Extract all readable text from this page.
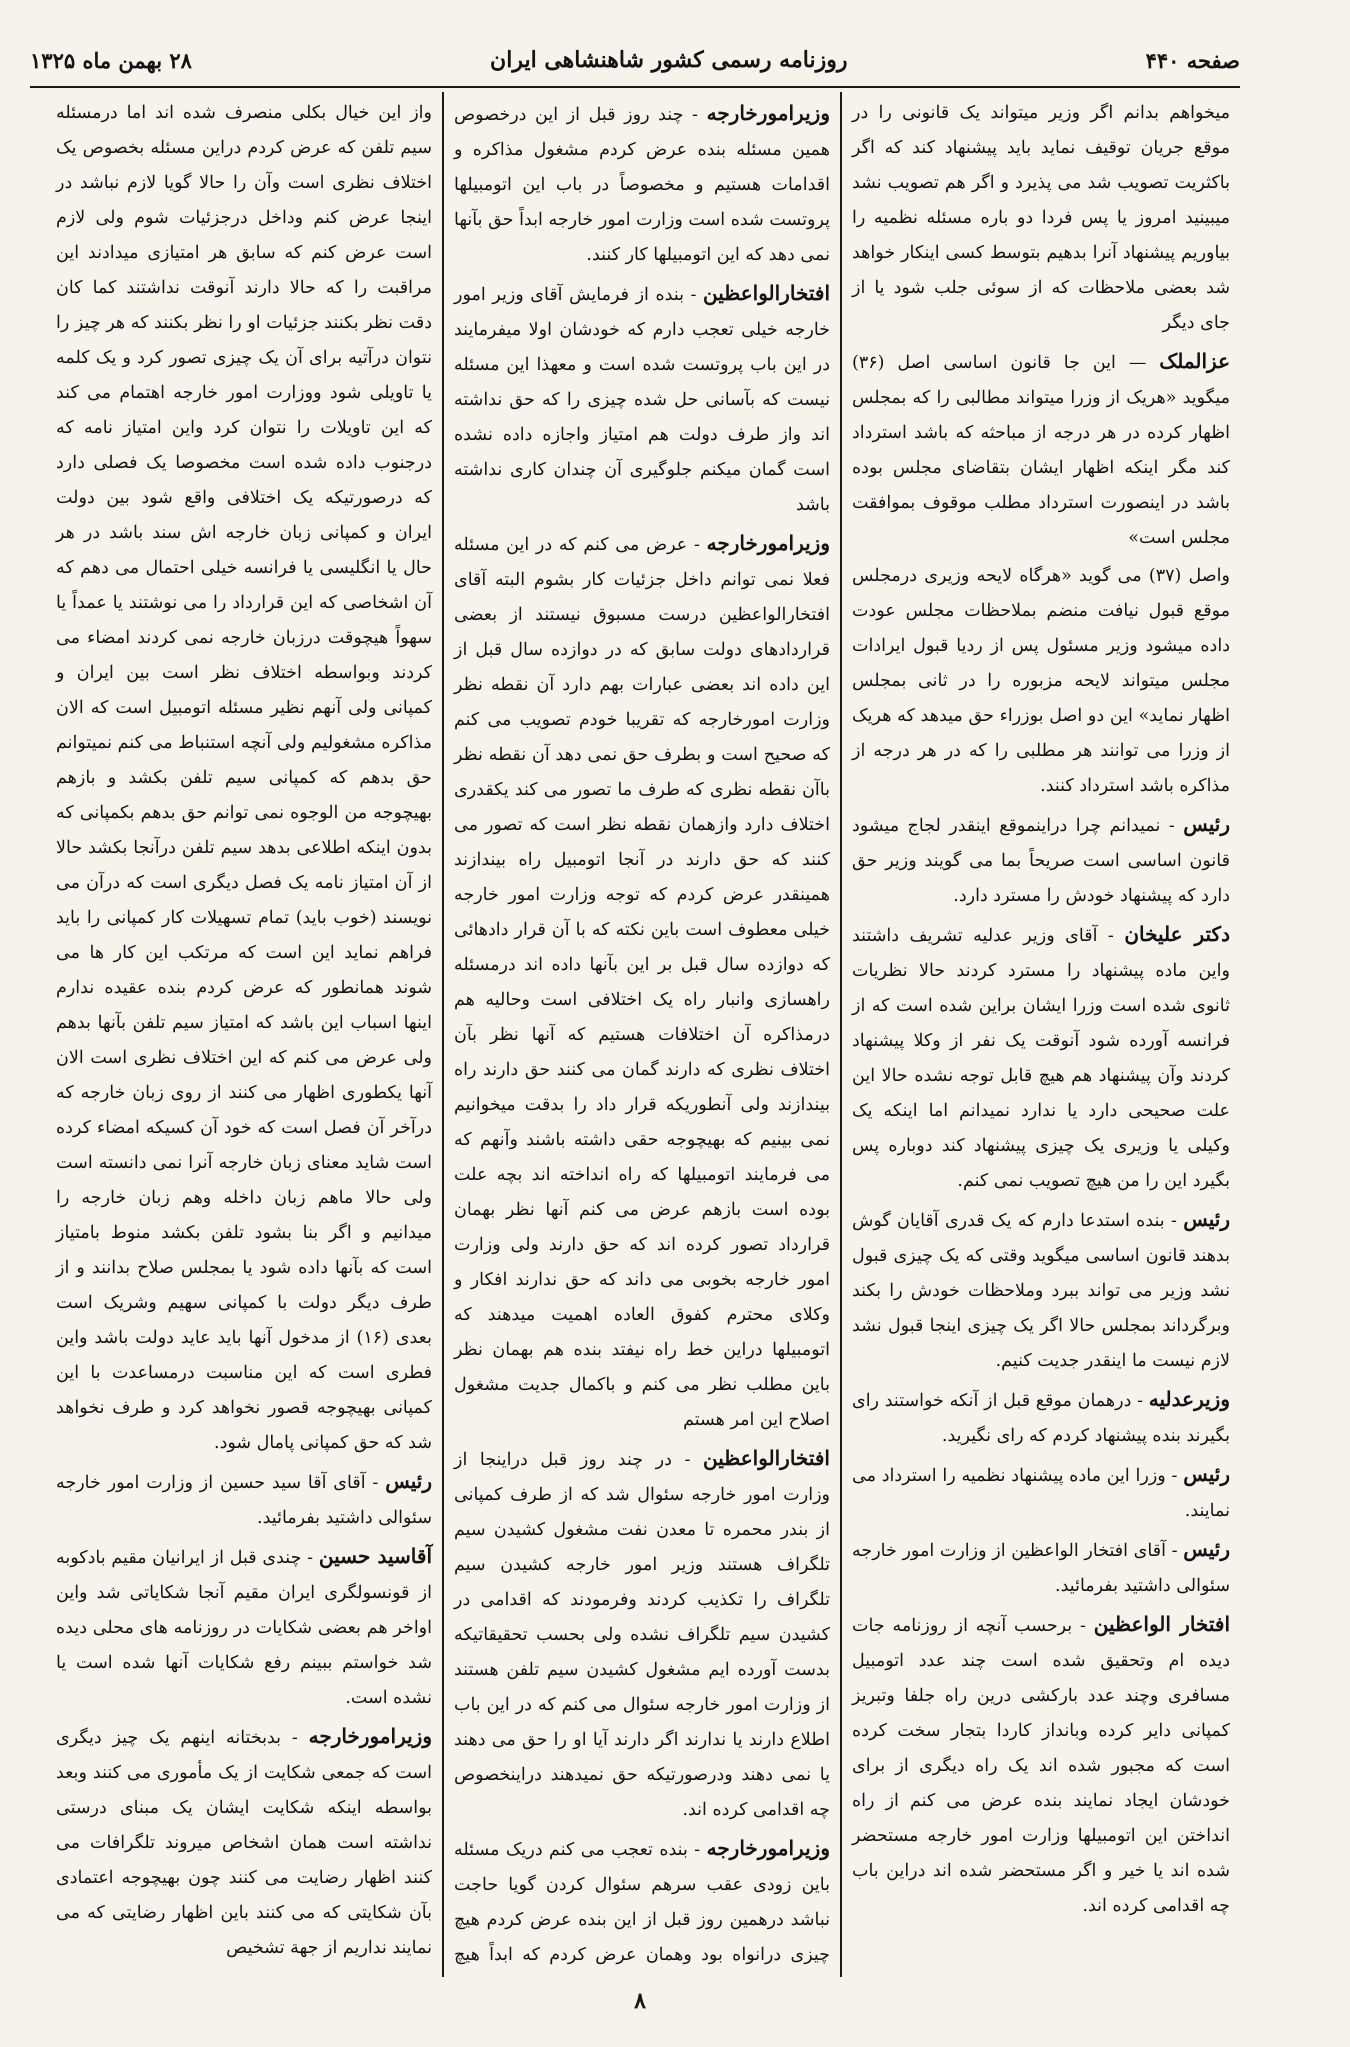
صفحه ۴۴۰
روزنامه رسمی کشور شاهنشاهی ایران
۲۸ بهمن ماه ۱۳۲۵

میخواهم بدانم اگر وزیر میتواند یک قانونی را در موقع جریان توقیف نماید باید پیشنهاد کند که اگر باکثریت تصویب شد می پذیرد و اگر هم تصویب نشد میبینید امروز یا پس فردا دو باره مسئله نظمیه را بیاوریم پیشنهاد آنرا بدهیم بتوسط کسی اینکار خواهد شد بعضی ملاحظات که از سوئی جلب شود یا از جای دیگر

عزالملک — این جا قانون اساسی اصل (۳۶) میگوید «هریک از وزرا میتواند مطالبی را که بمجلس اظهار کرده در هر درجه از مباحثه که باشد استرداد کند مگر اینکه اظهار ایشان بتقاضای مجلس بوده باشد در اینصورت استرداد مطلب موقوف بموافقت مجلس است»

واصل (۳۷) می گوید «هرگاه لایحه وزیری درمجلس موقع قبول نیافت منضم بملاحظات مجلس عودت داده میشود وزیر مسئول پس از ردیا قبول ایرادات مجلس میتواند لایحه مزبوره را در ثانی بمجلس اظهار نماید» این دو اصل بوزراء حق میدهد که هریک از وزرا می توانند هر مطلبی را که در هر درجه از مذاکره باشد استرداد کنند.

رئیس - نمیدانم چرا دراینموقع اینقدر لجاج میشود قانون اساسی است صریحاً بما می گویند وزیر حق دارد که پیشنهاد خودش را مسترد دارد.

دکتر علیخان - آقای وزیر عدلیه تشریف داشتند واین ماده پیشنهاد را مسترد کردند حالا نظریات ثانوی شده است وزرا ایشان براین شده است که از فرانسه آورده شود آنوقت یک نفر از وکلا پیشنهاد کردند وآن پیشنهاد هم هیچ قابل توجه نشده حالا این علت صحیحی دارد یا ندارد نمیدانم اما اینکه یک وکیلی یا وزیری یک چیزی پیشنهاد کند دوباره پس بگیرد این را من هیچ تصویب نمی کنم.

رئیس - بنده استدعا دارم که یک قدری آقایان گوش بدهند قانون اساسی میگوید وقتی که یک چیزی قبول نشد وزیر می تواند ببرد وملاحظات خودش را بکند وبرگرداند بمجلس حالا اگر یک چیزی اینجا قبول نشد لازم نیست ما اینقدر جدیت کنیم.

وزیرعدلیه - درهمان موقع قبل از آنکه خواستند رای بگیرند بنده پیشنهاد کردم که رای نگیرید.

رئیس - وزرا این ماده پیشنهاد نظمیه را استرداد می نمایند.

رئیس - آقای افتخار الواعظین از وزارت امور خارجه سئوالی داشتید بفرمائید.

افتخار الواعظین - برحسب آنچه از روزنامه جات دیده ام وتحقیق شده است چند عدد اتومبیل مسافری وچند عدد بارکشی درین راه جلفا وتبریز کمپانی دایر کرده وبانداز کاردا بتجار سخت کرده است که مجبور شده اند یک راه دیگری از برای خودشان ایجاد نمایند بنده عرض می کنم از راه انداختن این اتومبیلها وزارت امور خارجه مستحضر شده اند یا خیر و اگر مستحضر شده اند دراین باب چه اقدامی کرده اند.

وزیرامورخارجه - چند روز قبل از این درخصوص همین مسئله بنده عرض کردم مشغول مذاکره و اقدامات هستیم و مخصوصاً در باب این اتومبیلها پروتست شده است وزارت امور خارجه ابداً حق بآنها نمی دهد که این اتومبیلها کار کنند.

افتخارالواعظین - بنده از فرمایش آقای وزیر امور خارجه خیلی تعجب دارم که خودشان اولا میفرمایند در این باب پروتست شده است و معهذا این مسئله نیست که بآسانی حل شده چیزی را که حق نداشته اند واز طرف دولت هم امتیاز واجازه داده نشده است گمان میکنم جلوگیری آن چندان کاری نداشته باشد

وزیرامورخارجه - عرض می کنم که در این مسئله فعلا نمی توانم داخل جزئیات کار بشوم البته آقای افتخارالواعظین درست مسبوق نیستند از بعضی قراردادهای دولت سابق که در دوازده سال قبل از این داده اند بعضی عبارات بهم دارد آن نقطه نظر وزارت امورخارجه که تقریبا خودم تصویب می کنم که صحیح است و بطرف حق نمی دهد آن نقطه نظر باآن نقطه نظری که طرف ما تصور می کند یکقدری اختلاف دارد وازهمان نقطه نظر است که تصور می کنند که حق دارند در آنجا اتومبیل راه بیندازند همینقدر عرض کردم که توجه وزارت امور خارجه خیلی معطوف است باین نکته که با آن قرار دادهائی که دوازده سال قبل بر این بآنها داده اند درمسئله راهسازی وانبار راه یک اختلافی است وحالیه هم درمذاکره آن اختلافات هستیم که آنها نظر بآن اختلاف نظری که دارند گمان می کنند حق دارند راه بیندازند ولی آنطوریکه قرار داد را بدقت میخوانیم نمی بینیم که بهیچوجه حقی داشته باشند وآنهم که می فرمایند اتومبیلها که راه انداخته اند بچه علت بوده است بازهم عرض می کنم آنها نظر بهمان قرارداد تصور کرده اند که حق دارند ولی وزارت امور خارجه بخوبی می داند که حق ندارند افکار و وکلای محترم کفوق العاده اهمیت میدهند که اتومبیلها دراین خط راه نیفتد بنده هم بهمان نظر باین مطلب نظر می کنم و باکمال جدیت مشغول اصلاح این امر هستم

افتخارالواعظین - در چند روز قبل دراینجا از وزارت امور خارجه سئوال شد که از طرف کمپانی از بندر محمره تا معدن نفت مشغول کشیدن سیم تلگراف هستند وزیر امور خارجه کشیدن سیم تلگراف را تکذیب کردند وفرمودند که اقدامی در کشیدن سیم تلگراف نشده ولی بحسب تحقیقاتیکه بدست آورده ایم مشغول کشیدن سیم تلفن هستند از وزارت امور خارجه سئوال می کنم که در این باب اطلاع دارند یا ندارند اگر دارند آیا او را حق می دهند یا نمی دهند ودرصورتیکه حق نمیدهند دراینخصوص چه اقدامی کرده اند.

وزیرامورخارجه - بنده تعجب می کنم دریک مسئله باین زودی عقب سرهم سئوال کردن گویا حاجت نباشد درهمین روز قبل از این بنده عرض کردم هیچ چیزی درانواه بود وهمان عرض کردم که ابداً هیچ

واز این خیال بکلی منصرف شده اند اما درمسئله سیم تلفن که عرض کردم دراین مسئله بخصوص یک اختلاف نظری است وآن را حالا گویا لازم نباشد در اینجا عرض کنم وداخل درجزئیات شوم ولی لازم است عرض کنم که سابق هر امتیازی میدادند این مراقبت را که حالا دارند آنوقت نداشتند کما کان دقت نظر بکنند جزئیات او را نظر بکنند که هر چیز را نتوان درآتیه برای آن یک چیزی تصور کرد و یک کلمه یا تاویلی شود ووزارت امور خارجه اهتمام می کند که این تاویلات را نتوان کرد واین امتیاز نامه که درجنوب داده شده است مخصوصا یک فصلی دارد که درصورتیکه یک اختلافی واقع شود بین دولت ایران و کمپانی زبان خارجه اش سند باشد در هر حال یا انگلیسی یا فرانسه خیلی احتمال می دهم که آن اشخاصی که این قرارداد را می نوشتند یا عمداً یا سهواً هیچوقت درزبان خارجه نمی کردند امضاء می کردند وبواسطه اختلاف نظر است بین ایران و کمپانی ولی آنهم نظیر مسئله اتومبیل است که الان مذاکره مشغولیم ولی آنچه استنباط می کنم نمیتوانم حق بدهم که کمپانی سیم تلفن بکشد و بازهم بهیچوجه من الوجوه نمی توانم حق بدهم بکمپانی که بدون اینکه اطلاعی بدهد سیم تلفن درآنجا بکشد حالا از آن امتیاز نامه یک فصل دیگری است که درآن می نویسند (خوب باید) تمام تسهیلات کار کمپانی را باید فراهم نماید این است که مرتکب این کار ها می شوند همانطور که عرض کردم بنده عقیده ندارم اینها اسباب این باشد که امتیاز سیم تلفن بآنها بدهم ولی عرض می کنم که این اختلاف نظری است الان آنها یکطوری اظهار می کنند از روی زبان خارجه که درآخر آن فصل است که خود آن کسیکه امضاء کرده است شاید معنای زبان خارجه آنرا نمی دانسته است ولی حالا ماهم زبان داخله وهم زبان خارجه را میدانیم و اگر بنا بشود تلفن بکشد منوط بامتیاز است که بآنها داده شود یا بمجلس صلاح بدانند و از طرف دیگر دولت با کمپانی سهیم وشریک است بعدی (۱۶) از مدخول آنها باید عاید دولت باشد واین فطری است که این مناسبت درمساعدت با این کمپانی بهیچوجه قصور نخواهد کرد و طرف نخواهد شد که حق کمپانی پامال شود.

رئیس - آقای آقا سید حسین از وزارت امور خارجه سئوالی داشتید بفرمائید.

آقاسید حسین - چندی قبل از ایرانیان مقیم بادکوبه از قونسولگری ایران مقیم آنجا شکایاتی شد واین اواخر هم بعضی شکایات در روزنامه های محلی دیده شد خواستم ببینم رفع شکایات آنها شده است یا نشده است.

وزیرامورخارجه - بدبختانه اینهم یک چیز دیگری است که جمعی شکایت از یک مأموری می کنند وبعد بواسطه اینکه شکایت ایشان یک مبنای درستی نداشته است همان اشخاص میروند تلگرافات می کنند اظهار رضایت می کنند چون بهیچوجه اعتمادی بآن شکایتی که می کنند باین اظهار رضایتی که می نمایند نداریم از جهة تشخیص

۸
